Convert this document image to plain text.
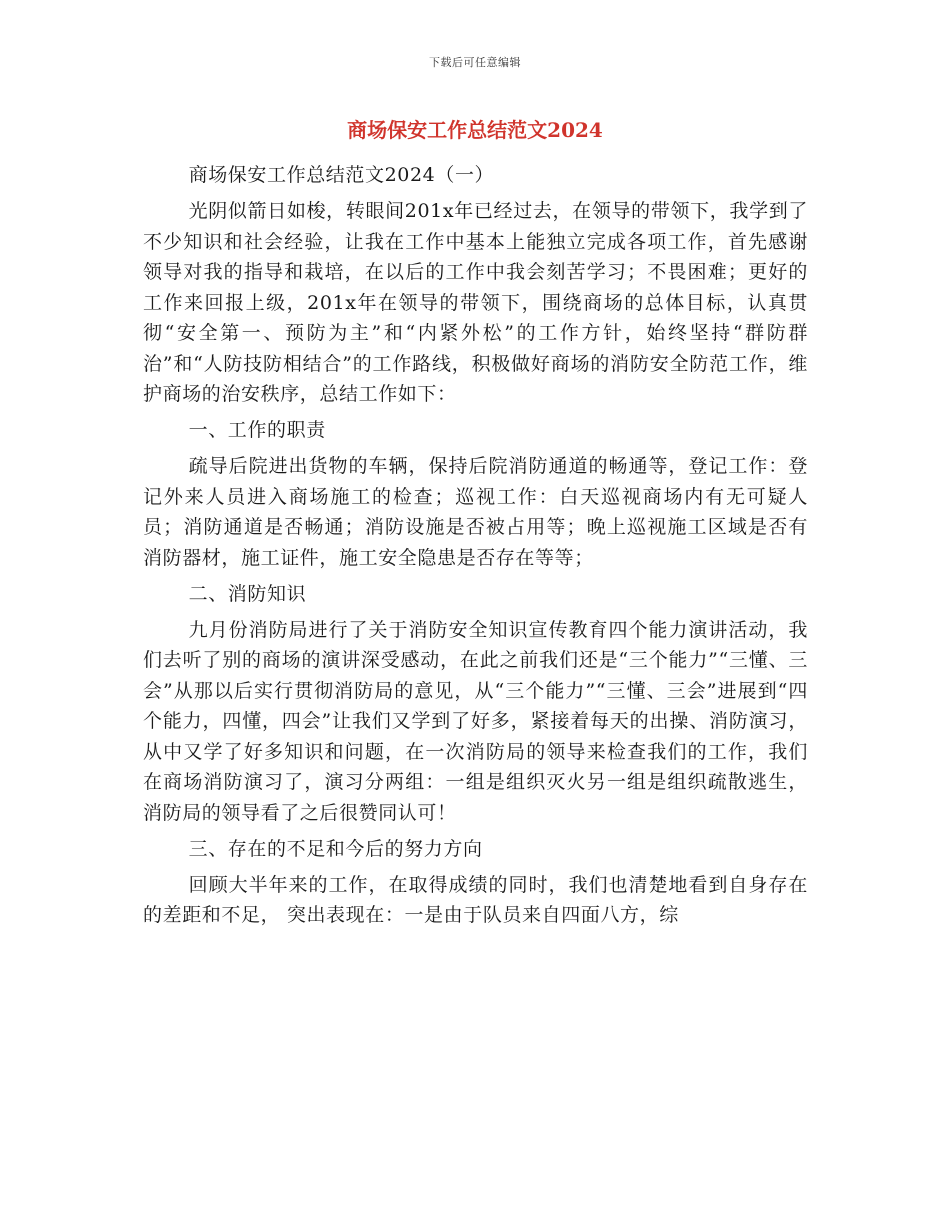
下载后可任意编辑
商场保安工作总结范文2024

商场保安工作总结范文2024（一）

光阴似箭日如梭，转眼间201x年已经过去，在领导的带领下，我学到了不少知识和社会经验，让我在工作中基本上能独立完成各项工作，首先感谢领导对我的指导和栽培，在以后的工作中我会刻苦学习；不畏困难；更好的工作来回报上级，201x年在领导的带领下，围绕商场的总体目标，认真贯彻“安全第一、预防为主”和“内紧外松”的工作方针，始终坚持“群防群治”和“人防技防相结合”的工作路线，积极做好商场的消防安全防范工作，维护商场的治安秩序，总结工作如下：

一、工作的职责

疏导后院进出货物的车辆，保持后院消防通道的畅通等，登记工作：登记外来人员进入商场施工的检查；巡视工作：白天巡视商场内有无可疑人员；消防通道是否畅通；消防设施是否被占用等；晚上巡视施工区域是否有消防器材，施工证件，施工安全隐患是否存在等等；

二、消防知识

九月份消防局进行了关于消防安全知识宣传教育四个能力演讲活动，我们去听了别的商场的演讲深受感动，在此之前我们还是“三个能力”“三懂、三会”从那以后实行贯彻消防局的意见，从“三个能力”“三懂、三会”进展到“四个能力，四懂，四会”让我们又学到了好多，紧接着每天的出操、消防演习，从中又学了好多知识和问题，在一次消防局的领导来检查我们的工作，我们在商场消防演习了，演习分两组：一组是组织灭火另一组是组织疏散逃生，消防局的领导看了之后很赞同认可！

三、存在的不足和今后的努力方向

回顾大半年来的工作，在取得成绩的同时，我们也清楚地看到自身存在的差距和不足， 突出表现在：一是由于队员来自四面八方，综
